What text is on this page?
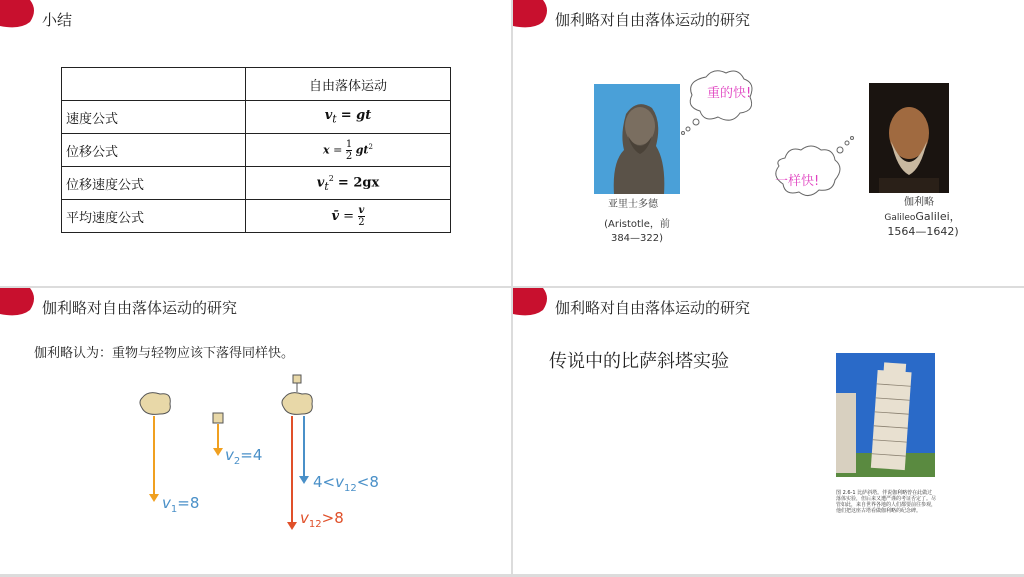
小结
	自由落体运动
速度公式	$v_t$ = gt
位移公式	$x = \frac{1}{2} gt^2$
位移速度公式	$v_t^2 = 2gx$
平均速度公式	v̄ = $\frac{v}{2}$
伽利略对自由落体运动的研究
亚里士多德
(Aristotle，前 384—322)
伽利略
GalileoGalilei，
1564—1642)
重的快!
一样快!
伽利略对自由落体运动的研究
伽利略认为：重物与轻物应该下落得同样快。
$v_1=8$
$v_2=4$
$4<v_{12}<8$
$v_{12}>8$
伽利略对自由落体运动的研究
传说中的比萨斜塔实验
图 2.6-1 比萨斜塔。伴说伽利略曾在此做过落体实验，但后来又遭严谨的考证否定了。尽管如此，来自世界各地的人们都要前往参观，他们把这座古塔看做伽利略的纪念碑。
